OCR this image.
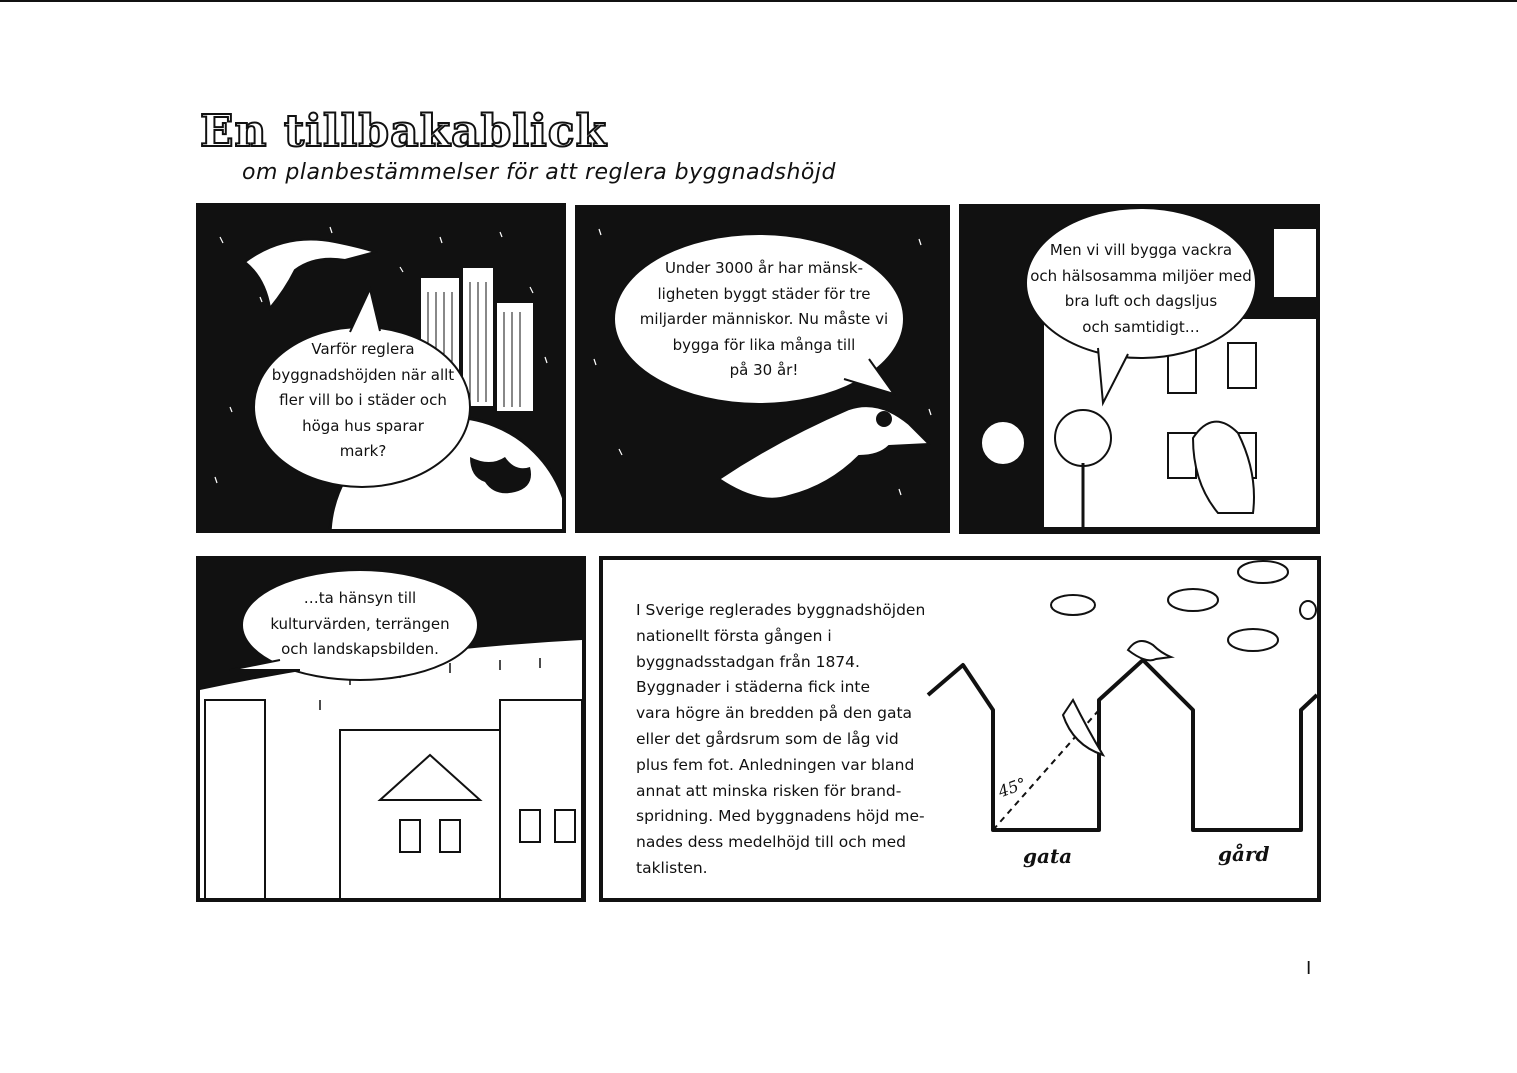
En tillbakablick
om planbestämmelser för att reglera byggnadshöjd
Varför reglera
byggnadshöjden när allt
fler vill bo i städer och
höga hus sparar
mark?
Under 3000 år har mänsk-
ligheten byggt städer för tre
miljarder människor. Nu måste vi
bygga för lika många till
på 30 år!
Men vi vill bygga vackra
och hälsosamma miljöer med
bra luft och dagsljus
och samtidigt…
…ta hänsyn till
kulturvärden, terrängen
och landskapsbilden.
I Sverige reglerades byggnadshöjden
nationellt första gången i
byggnadsstadgan från 1874.
Byggnader i städerna fick inte
vara högre än bredden på den gata
eller det gårdsrum som de låg vid
plus fem fot. Anledningen var bland
annat att minska risken för brand-
spridning. Med byggnadens höjd me-
nades dess medelhöjd till och med
taklisten.
45°
gata	gård
I
